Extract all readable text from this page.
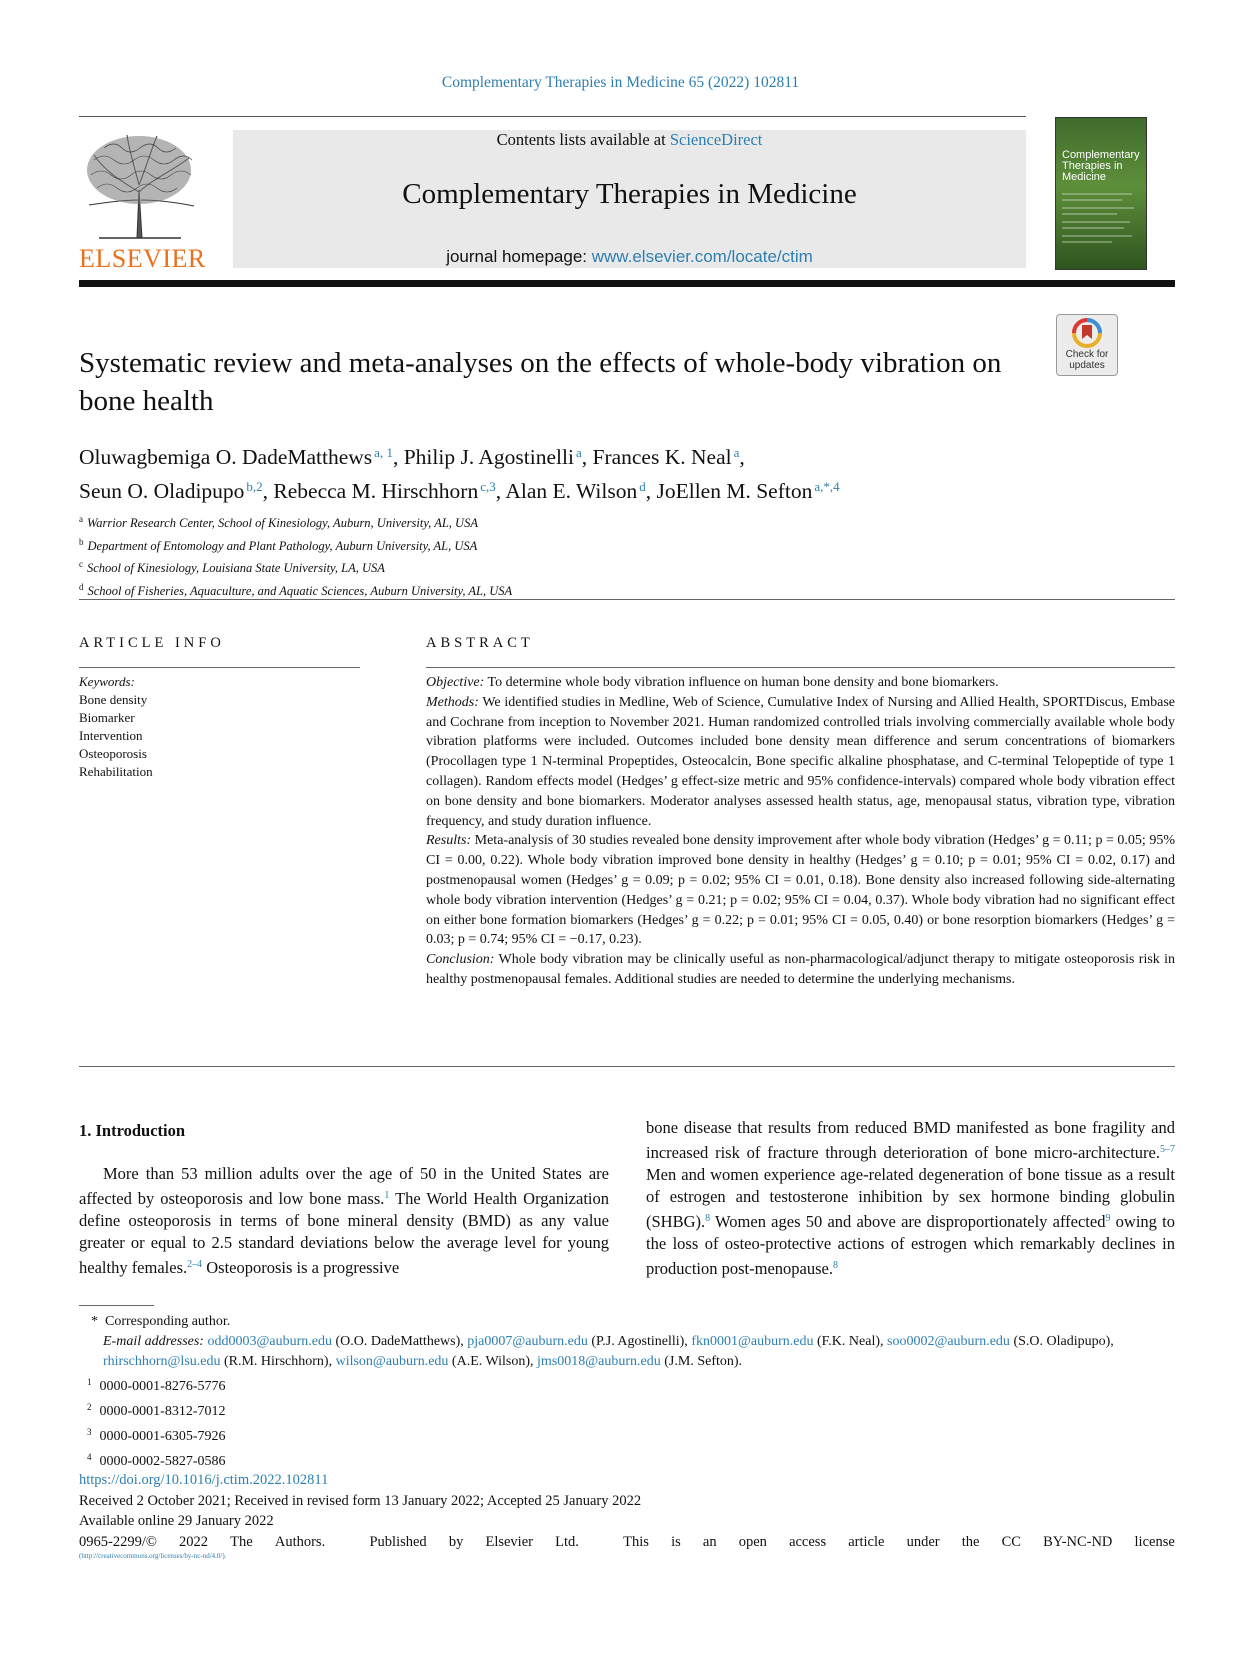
Complementary Therapies in Medicine 65 (2022) 102811
ELSEVIER
Contents lists available at ScienceDirect
Complementary Therapies in Medicine
journal homepage: www.elsevier.com/locate/ctim
Complementary Therapies in Medicine
Systematic review and meta-analyses on the effects of whole-body vibration on bone health
Check for updates
Oluwagbemiga O. DadeMatthews $^{a, 1}$, Philip J. Agostinelli $^a$, Frances K. Neal $^a$,
Seun O. Oladipupo $^{b,2}$, Rebecca M. Hirschhorn $^{c,3}$, Alan E. Wilson $^d$, JoEllen M. Sefton $^{a,*,4}$
$^a$ Warrior Research Center, School of Kinesiology, Auburn, University, AL, USA
$^b$ Department of Entomology and Plant Pathology, Auburn University, AL, USA
$^c$ School of Kinesiology, Louisiana State University, LA, USA
$^d$ School of Fisheries, Aquaculture, and Aquatic Sciences, Auburn University, AL, USA
ARTICLE INFO	ABSTRACT
Keywords:
Bone density
Biomarker
Intervention
Osteoporosis
Rehabilitation

Objective: To determine whole body vibration influence on human bone density and bone biomarkers.

Methods: We identified studies in Medline, Web of Science, Cumulative Index of Nursing and Allied Health, SPORTDiscus, Embase and Cochrane from inception to November 2021. Human randomized controlled trials involving commercially available whole body vibration platforms were included. Outcomes included bone density mean difference and serum concentrations of biomarkers (Procollagen type 1 N-terminal Propeptides, Osteocalcin, Bone specific alkaline phosphatase, and C-terminal Telopeptide of type 1 collagen). Random effects model (Hedges’ g effect-size metric and 95% confidence-intervals) compared whole body vibration effect on bone density and bone biomarkers. Moderator analyses assessed health status, age, menopausal status, vibration type, vibration frequency, and study duration influence.

Results: Meta-analysis of 30 studies revealed bone density improvement after whole body vibration (Hedges’ g = 0.11; p = 0.05; 95% CI = 0.00, 0.22). Whole body vibration improved bone density in healthy (Hedges’ g = 0.10; p = 0.01; 95% CI = 0.02, 0.17) and postmenopausal women (Hedges’ g = 0.09; p = 0.02; 95% CI = 0.01, 0.18). Bone density also increased following side-alternating whole body vibration intervention (Hedges’ g = 0.21; p = 0.02; 95% CI = 0.04, 0.37). Whole body vibration had no significant effect on either bone formation biomarkers (Hedges’ g = 0.22; p = 0.01; 95% CI = 0.05, 0.40) or bone resorption biomarkers (Hedges’ g = 0.03; p = 0.74; 95% CI = −0.17, 0.23).

Conclusion: Whole body vibration may be clinically useful as non-pharmacological/adjunct therapy to mitigate osteoporosis risk in healthy postmenopausal females. Additional studies are needed to determine the underlying mechanisms.

1. Introduction
More than 53 million adults over the age of 50 in the United States are affected by osteoporosis and low bone mass.$^1$ The World Health Organization define osteoporosis in terms of bone mineral density (BMD) as any value greater or equal to 2.5 standard deviations below the average level for young healthy females.$^{2-4}$ Osteoporosis is a progressive
bone disease that results from reduced BMD manifested as bone fragility and increased risk of fracture through deterioration of bone micro-architecture.$^{5-7}$ Men and women experience age-related degeneration of bone tissue as a result of estrogen and testosterone inhibition by sex hormone binding globulin (SHBG).$^8$ Women ages 50 and above are disproportionately affected$^9$ owing to the loss of osteo-protective actions of estrogen which remarkably declines in production post-menopause.$^8$
*  Corresponding author.
E-mail addresses: odd0003@auburn.edu (O.O. DadeMatthews), pja0007@auburn.edu (P.J. Agostinelli), fkn0001@auburn.edu (F.K. Neal), soo0002@auburn.edu (S.O. Oladipupo), rhirschhorn@lsu.edu (R.M. Hirschhorn), wilson@auburn.edu (A.E. Wilson), jms0018@auburn.edu (J.M. Sefton).
$^1$ 0000-0001-8276-5776
$^2$ 0000-0001-8312-7012
$^3$ 0000-0001-6305-7926
$^4$ 0000-0002-5827-0586
https://doi.org/10.1016/j.ctim.2022.102811
Received 2 October 2021; Received in revised form 13 January 2022; Accepted 25 January 2022
Available online 29 January 2022
0965-2299/© 2022 The Authors.	Published by Elsevier Ltd.	This is an open access article under the CC BY-NC-ND license
(http://creativecommons.org/licenses/by-nc-nd/4.0/).
